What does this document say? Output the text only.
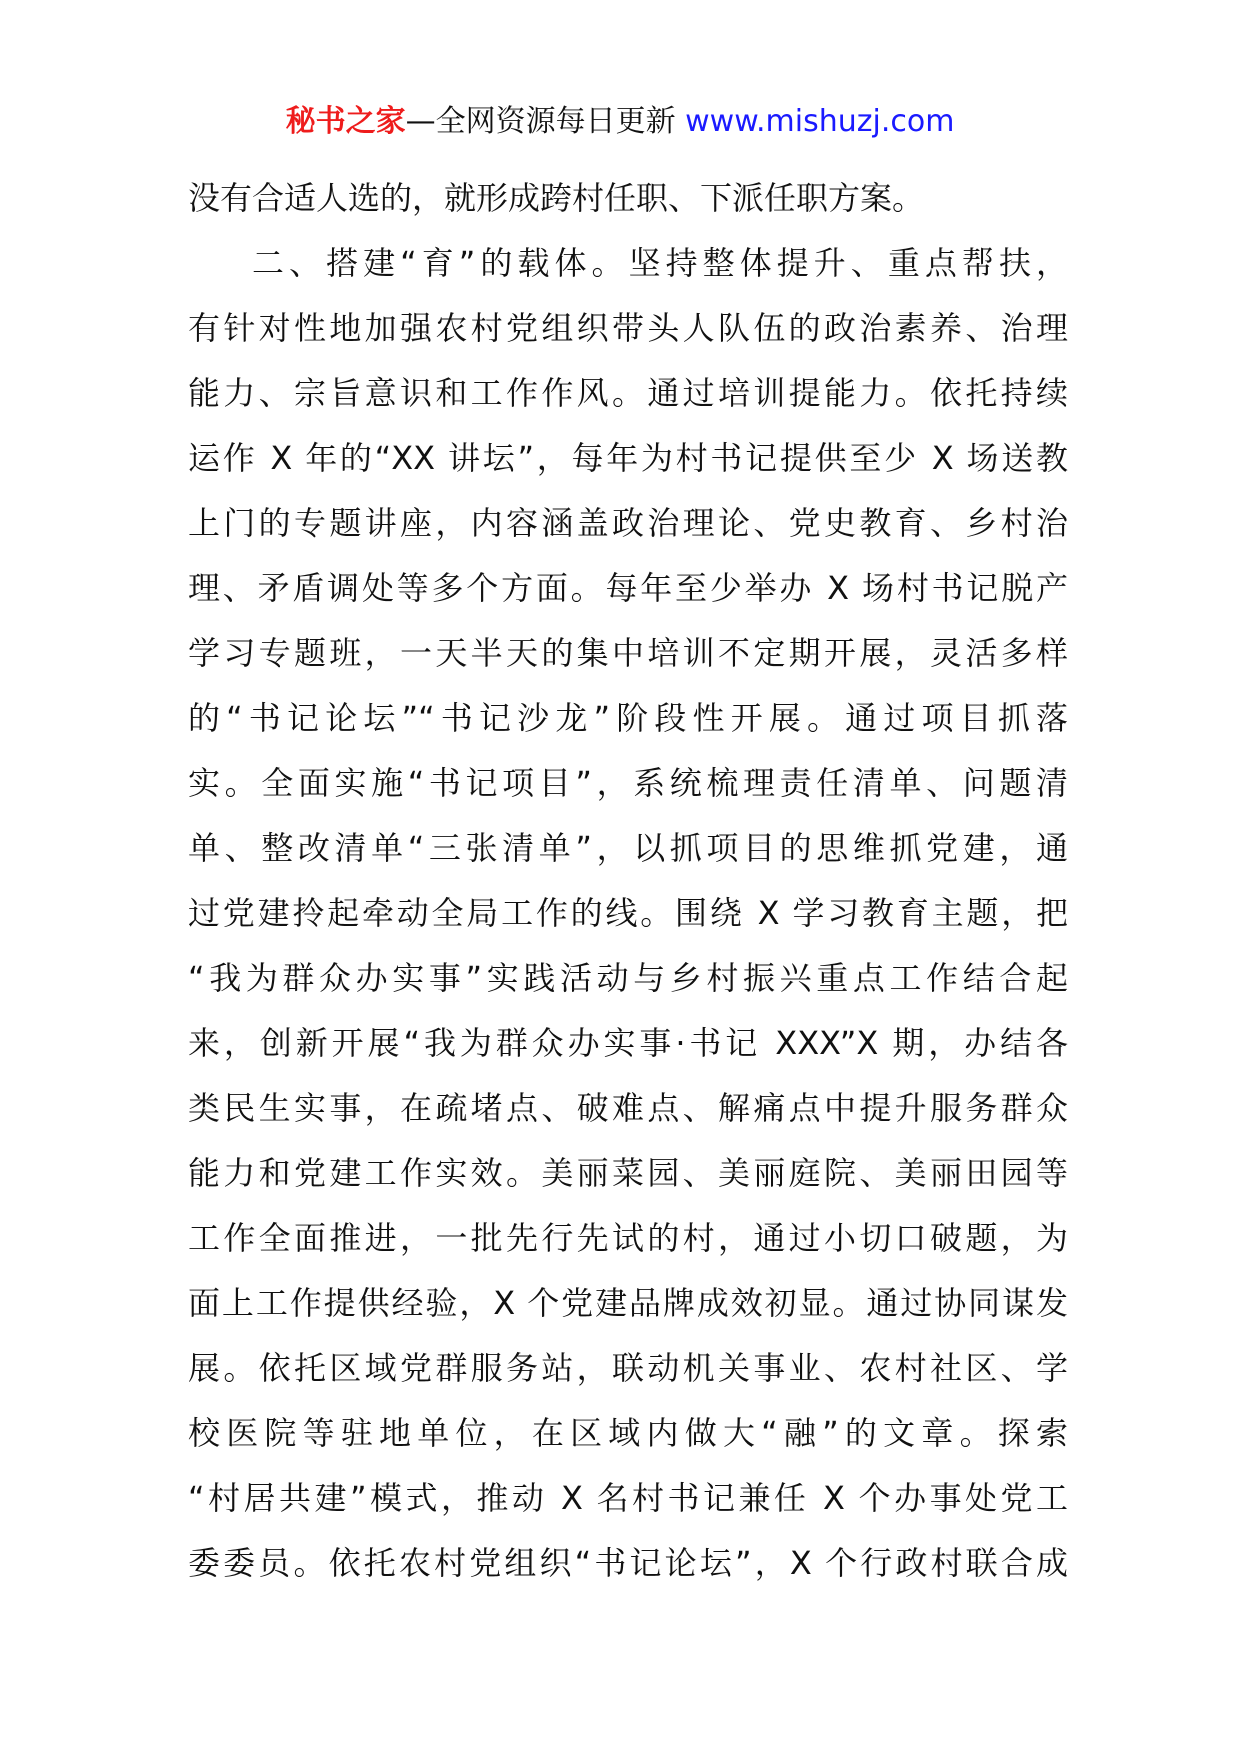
秘书之家—全网资源每日更新 www.mishuzj.com
没有合适人选的，就形成跨村任职、下派任职方案。
二、搭建“育”的载体。坚持整体提升、重点帮扶，
有针对性地加强农村党组织带头人队伍的政治素养、治理
能力、宗旨意识和工作作风。通过培训提能力。依托持续
运作 X 年的“XX 讲坛”，每年为村书记提供至少 X 场送教
上门的专题讲座，内容涵盖政治理论、党史教育、乡村治
理、矛盾调处等多个方面。每年至少举办 X 场村书记脱产
学习专题班，一天半天的集中培训不定期开展，灵活多样
的“书记论坛”“书记沙龙”阶段性开展。通过项目抓落
实。全面实施“书记项目”，系统梳理责任清单、问题清
单、整改清单“三张清单”，以抓项目的思维抓党建，通
过党建拎起牵动全局工作的线。围绕 X 学习教育主题，把
“我为群众办实事”实践活动与乡村振兴重点工作结合起
来，创新开展“我为群众办实事·书记 XXX”X 期，办结各
类民生实事，在疏堵点、破难点、解痛点中提升服务群众
能力和党建工作实效。美丽菜园、美丽庭院、美丽田园等
工作全面推进，一批先行先试的村，通过小切口破题，为
面上工作提供经验，X 个党建品牌成效初显。通过协同谋发
展。依托区域党群服务站，联动机关事业、农村社区、学
校医院等驻地单位，在区域内做大“融”的文章。探索
“村居共建”模式，推动 X 名村书记兼任 X 个办事处党工
委委员。依托农村党组织“书记论坛”，X 个行政村联合成
